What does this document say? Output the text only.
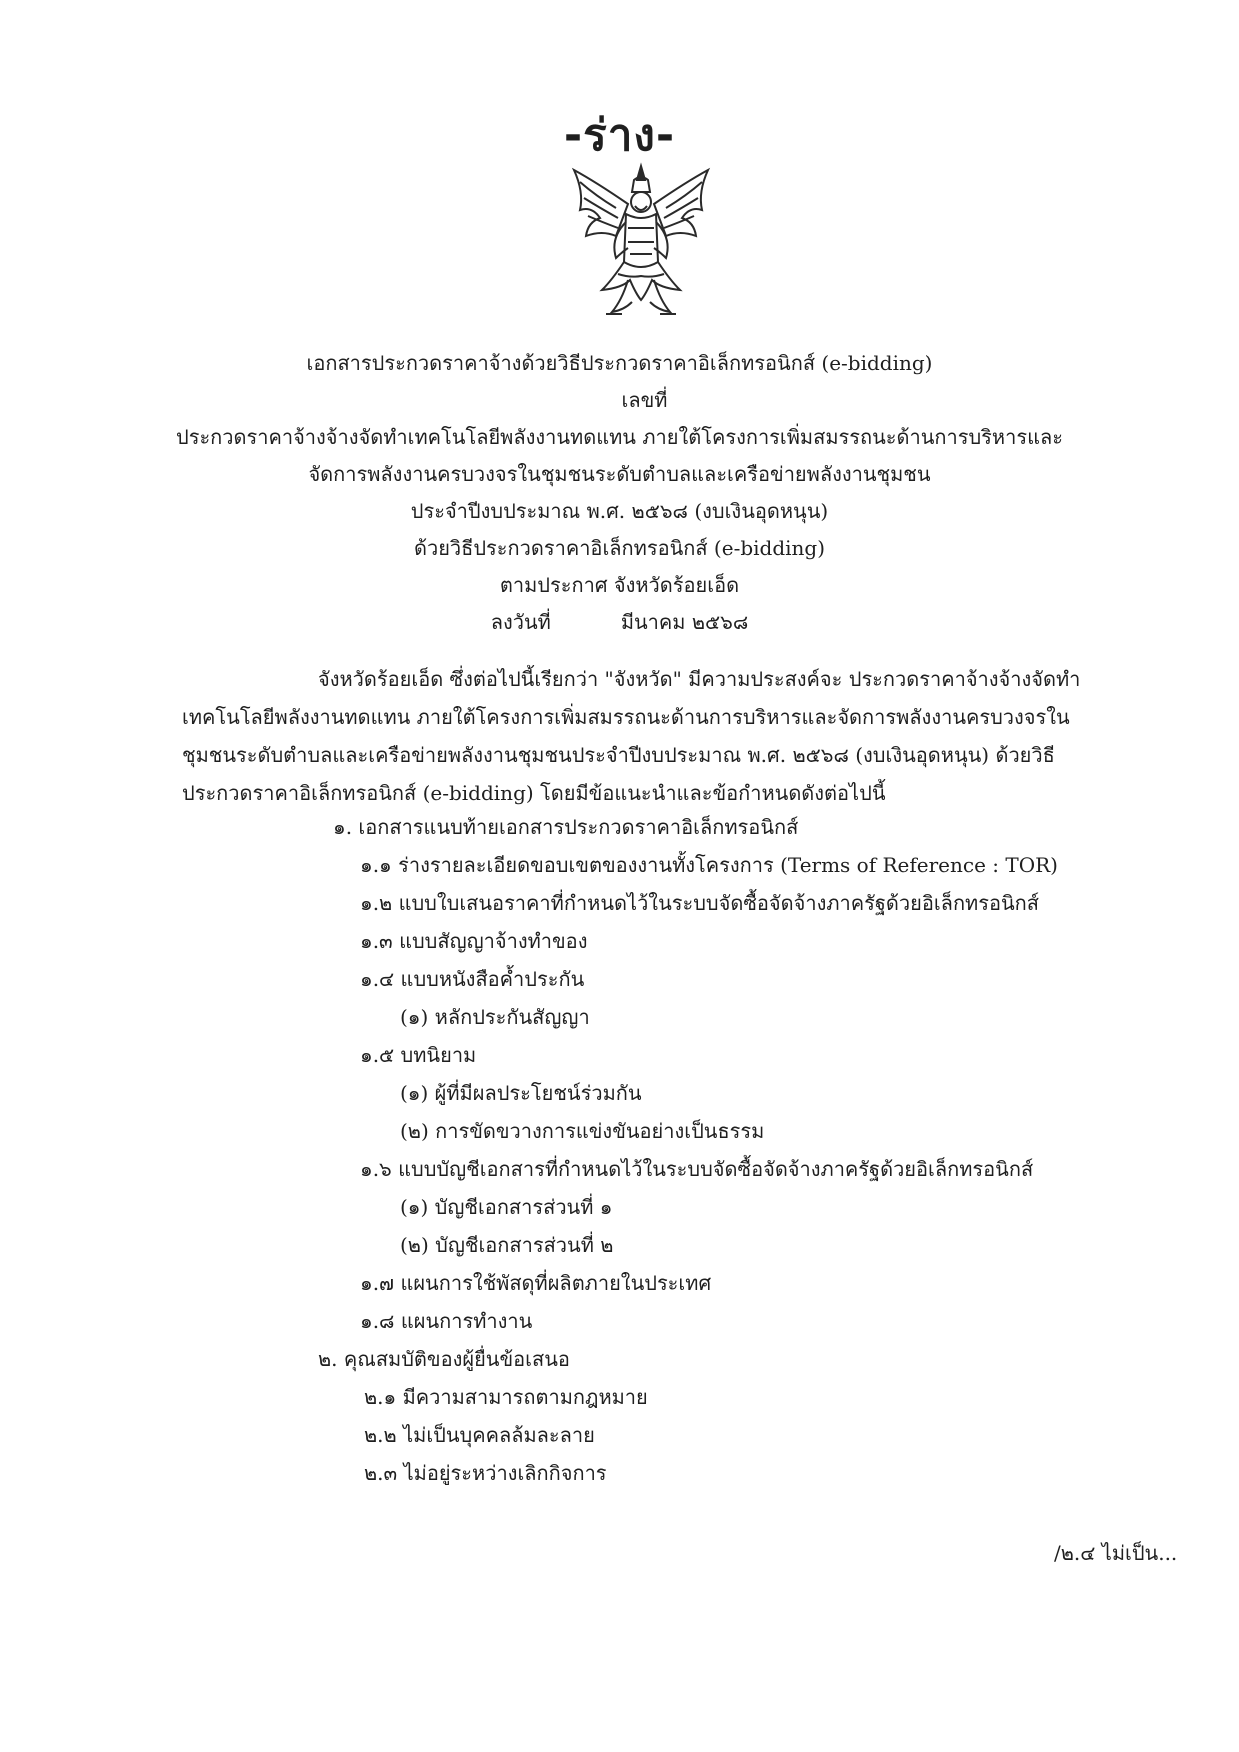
-ร่าง-
เอกสารประกวดราคาจ้างด้วยวิธีประกวดราคาอิเล็กทรอนิกส์ (e-bidding)
เลขที่
ประกวดราคาจ้างจ้างจัดทำเทคโนโลยีพลังงานทดแทน ภายใต้โครงการเพิ่มสมรรถนะด้านการบริหารและ
จัดการพลังงานครบวงจรในชุมชนระดับตำบลและเครือข่ายพลังงานชุมชน
ประจำปีงบประมาณ พ.ศ. ๒๕๖๘ (งบเงินอุดหนุน)
ด้วยวิธีประกวดราคาอิเล็กทรอนิกส์ (e-bidding)
ตามประกาศ จังหวัดร้อยเอ็ด
ลงวันที่	มีนาคม ๒๕๖๘
จังหวัดร้อยเอ็ด ซึ่งต่อไปนี้เรียกว่า "จังหวัด" มีความประสงค์จะ ประกวดราคาจ้างจ้างจัดทำ
เทคโนโลยีพลังงานทดแทน ภายใต้โครงการเพิ่มสมรรถนะด้านการบริหารและจัดการพลังงานครบวงจรใน
ชุมชนระดับตำบลและเครือข่ายพลังงานชุมชนประจำปีงบประมาณ พ.ศ. ๒๕๖๘ (งบเงินอุดหนุน) ด้วยวิธี
ประกวดราคาอิเล็กทรอนิกส์ (e-bidding) โดยมีข้อแนะนำและข้อกำหนดดังต่อไปนี้
๑. เอกสารแนบท้ายเอกสารประกวดราคาอิเล็กทรอนิกส์
๑.๑ ร่างรายละเอียดขอบเขตของงานทั้งโครงการ (Terms of Reference : TOR)
๑.๒ แบบใบเสนอราคาที่กำหนดไว้ในระบบจัดซื้อจัดจ้างภาครัฐด้วยอิเล็กทรอนิกส์
๑.๓ แบบสัญญาจ้างทำของ
๑.๔ แบบหนังสือค้ำประกัน
(๑) หลักประกันสัญญา
๑.๕ บทนิยาม
(๑) ผู้ที่มีผลประโยชน์ร่วมกัน
(๒) การขัดขวางการแข่งขันอย่างเป็นธรรม
๑.๖ แบบบัญชีเอกสารที่กำหนดไว้ในระบบจัดซื้อจัดจ้างภาครัฐด้วยอิเล็กทรอนิกส์
(๑) บัญชีเอกสารส่วนที่ ๑
(๒) บัญชีเอกสารส่วนที่ ๒
๑.๗ แผนการใช้พัสดุที่ผลิตภายในประเทศ
๑.๘ แผนการทำงาน
๒. คุณสมบัติของผู้ยื่นข้อเสนอ
๒.๑ มีความสามารถตามกฎหมาย
๒.๒ ไม่เป็นบุคคลล้มละลาย
๒.๓ ไม่อยู่ระหว่างเลิกกิจการ
/๒.๔ ไม่เป็น...
